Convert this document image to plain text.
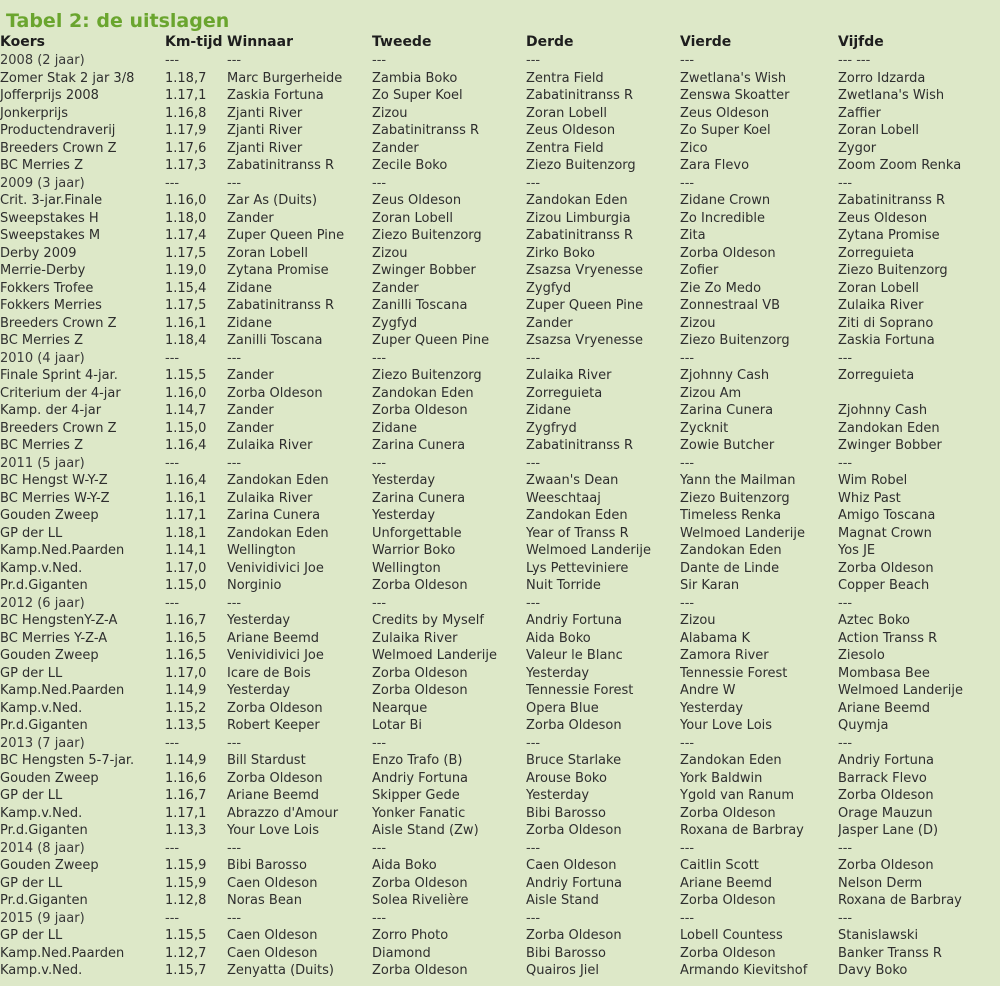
Tabel 2: de uitslagen
Koers	Km-tijd	Winnaar	Tweede	Derde	Vierde	Vijfde
2008 (2 jaar)	---	---	---	---	---	--- ---
Zomer Stak 2 jar 3/8	1.18,7	Marc Burgerheide	Zambia Boko	Zentra Field	Zwetlana's Wish	Zorro Idzarda
Jofferprijs 2008	1.17,1	Zaskia Fortuna	Zo Super Koel	Zabatinitranss R	Zenswa Skoatter	Zwetlana's Wish
Jonkerprijs	1.16,8	Zjanti River	Zizou	Zoran Lobell	Zeus Oldeson	Zaffier
Productendraverij	1.17,9	Zjanti River	Zabatinitranss R	Zeus Oldeson	Zo Super Koel	Zoran Lobell
Breeders Crown Z	1.17,6	Zjanti River	Zander	Zentra Field	Zico	Zygor
BC Merries Z	1.17,3	Zabatinitranss R	Zecile Boko	Ziezo Buitenzorg	Zara Flevo	Zoom Zoom Renka
2009 (3 jaar)	---	---	---	---	---	---
Crit. 3-jar.Finale	1.16,0	Zar As (Duits)	Zeus Oldeson	Zandokan Eden	Zidane Crown	Zabatinitranss R
Sweepstakes H	1.18,0	Zander	Zoran Lobell	Zizou Limburgia	Zo Incredible	Zeus Oldeson
Sweepstakes M	1.17,4	Zuper Queen Pine	Ziezo Buitenzorg	Zabatinitranss R	Zita	Zytana Promise
Derby 2009	1.17,5	Zoran Lobell	Zizou	Zirko Boko	Zorba Oldeson	Zorreguieta
Merrie-Derby	1.19,0	Zytana Promise	Zwinger Bobber	Zsazsa Vryenesse	Zofier	Ziezo Buitenzorg
Fokkers Trofee	1.15,4	Zidane	Zander	Zygfyd	Zie Zo Medo	Zoran Lobell
Fokkers Merries	1.17,5	Zabatinitranss R	Zanilli Toscana	Zuper Queen Pine	Zonnestraal VB	Zulaika River
Breeders Crown Z	1.16,1	Zidane	Zygfyd	Zander	Zizou	Ziti di Soprano
BC Merries Z	1.18,4	Zanilli Toscana	Zuper Queen Pine	Zsazsa Vryenesse	Ziezo Buitenzorg	Zaskia Fortuna
2010 (4 jaar)	---	---	---	---	---	---
Finale Sprint 4-jar.	1.15,5	Zander	Ziezo Buitenzorg	Zulaika River	Zjohnny Cash	Zorreguieta
Criterium der 4-jar	1.16,0	Zorba Oldeson	Zandokan Eden	Zorreguieta	Zizou Am	
Kamp. der 4-jar	1.14,7	Zander	Zorba Oldeson	Zidane	Zarina Cunera	Zjohnny Cash
Breeders Crown Z	1.15,0	Zander	Zidane	Zygfryd	Zycknit	Zandokan Eden
BC Merries Z	1.16,4	Zulaika River	Zarina Cunera	Zabatinitranss R	Zowie Butcher	Zwinger Bobber
2011 (5 jaar)	---	---	---	---	---	---
BC Hengst W-Y-Z	1.16,4	Zandokan Eden	Yesterday	Zwaan's Dean	Yann the Mailman	Wim Robel
BC Merries W-Y-Z	1.16,1	Zulaika River	Zarina Cunera	Weeschtaaj	Ziezo Buitenzorg	Whiz Past
Gouden Zweep	1.17,1	Zarina Cunera	Yesterday	Zandokan Eden	Timeless Renka	Amigo Toscana
GP der LL	1.18,1	Zandokan Eden	Unforgettable	Year of Transs R	Welmoed Landerije	Magnat Crown
Kamp.Ned.Paarden	1.14,1	Wellington	Warrior Boko	Welmoed Landerije	Zandokan Eden	Yos JE
Kamp.v.Ned.	1.17,0	Venividivici Joe	Wellington	Lys Petteviniere	Dante de Linde	Zorba Oldeson
Pr.d.Giganten	1.15,0	Norginio	Zorba Oldeson	Nuit Torride	Sir Karan	Copper Beach
2012 (6 jaar)	---	---	---	---	---	---
BC HengstenY-Z-A	1.16,7	Yesterday	Credits by Myself	Andriy Fortuna	Zizou	Aztec Boko
BC Merries Y-Z-A	1.16,5	Ariane Beemd	Zulaika River	Aida Boko	Alabama K	Action Transs R
Gouden Zweep	1.16,5	Venividivici Joe	Welmoed Landerije	Valeur le Blanc	Zamora River	Ziesolo
GP der LL	1.17,0	Icare de Bois	Zorba Oldeson	Yesterday	Tennessie Forest	Mombasa Bee
Kamp.Ned.Paarden	1.14,9	Yesterday	Zorba Oldeson	Tennessie Forest	Andre W	Welmoed Landerije
Kamp.v.Ned.	1.15,2	Zorba Oldeson	Nearque	Opera Blue	Yesterday	Ariane Beemd
Pr.d.Giganten	1.13,5	Robert Keeper	Lotar Bi	Zorba Oldeson	Your Love Lois	Quymja
2013 (7 jaar)	---	---	---	---	---	---
BC Hengsten 5-7-jar.	1.14,9	Bill Stardust	Enzo Trafo (B)	Bruce Starlake	Zandokan Eden	Andriy Fortuna
Gouden Zweep	1.16,6	Zorba Oldeson	Andriy Fortuna	Arouse Boko	York Baldwin	Barrack Flevo
GP der LL	1.16,7	Ariane Beemd	Skipper Gede	Yesterday	Ygold van Ranum	Zorba Oldeson
Kamp.v.Ned.	1.17,1	Abrazzo d'Amour	Yonker Fanatic	Bibi Barosso	Zorba Oldeson	Orage Mauzun
Pr.d.Giganten	1.13,3	Your Love Lois	Aisle Stand (Zw)	Zorba Oldeson	Roxana de Barbray	Jasper Lane (D)
2014 (8 jaar)	---	---	---	---	---	---
Gouden Zweep	1.15,9	Bibi Barosso	Aida Boko	Caen Oldeson	Caitlin Scott	Zorba Oldeson
GP der LL	1.15,9	Caen Oldeson	Zorba Oldeson	Andriy Fortuna	Ariane Beemd	Nelson Derm
Pr.d.Giganten	1.12,8	Noras Bean	Solea Rivelière	Aisle Stand	Zorba Oldeson	Roxana de Barbray
2015 (9 jaar)	---	---	---	---	---	---
GP der LL	1.15,5	Caen Oldeson	Zorro Photo	Zorba Oldeson	Lobell Countess	Stanislawski
Kamp.Ned.Paarden	1.12,7	Caen Oldeson	Diamond	Bibi Barosso	Zorba Oldeson	Banker Transs R
Kamp.v.Ned.	1.15,7	Zenyatta (Duits)	Zorba Oldeson	Quairos Jiel	Armando Kievitshof	Davy Boko
